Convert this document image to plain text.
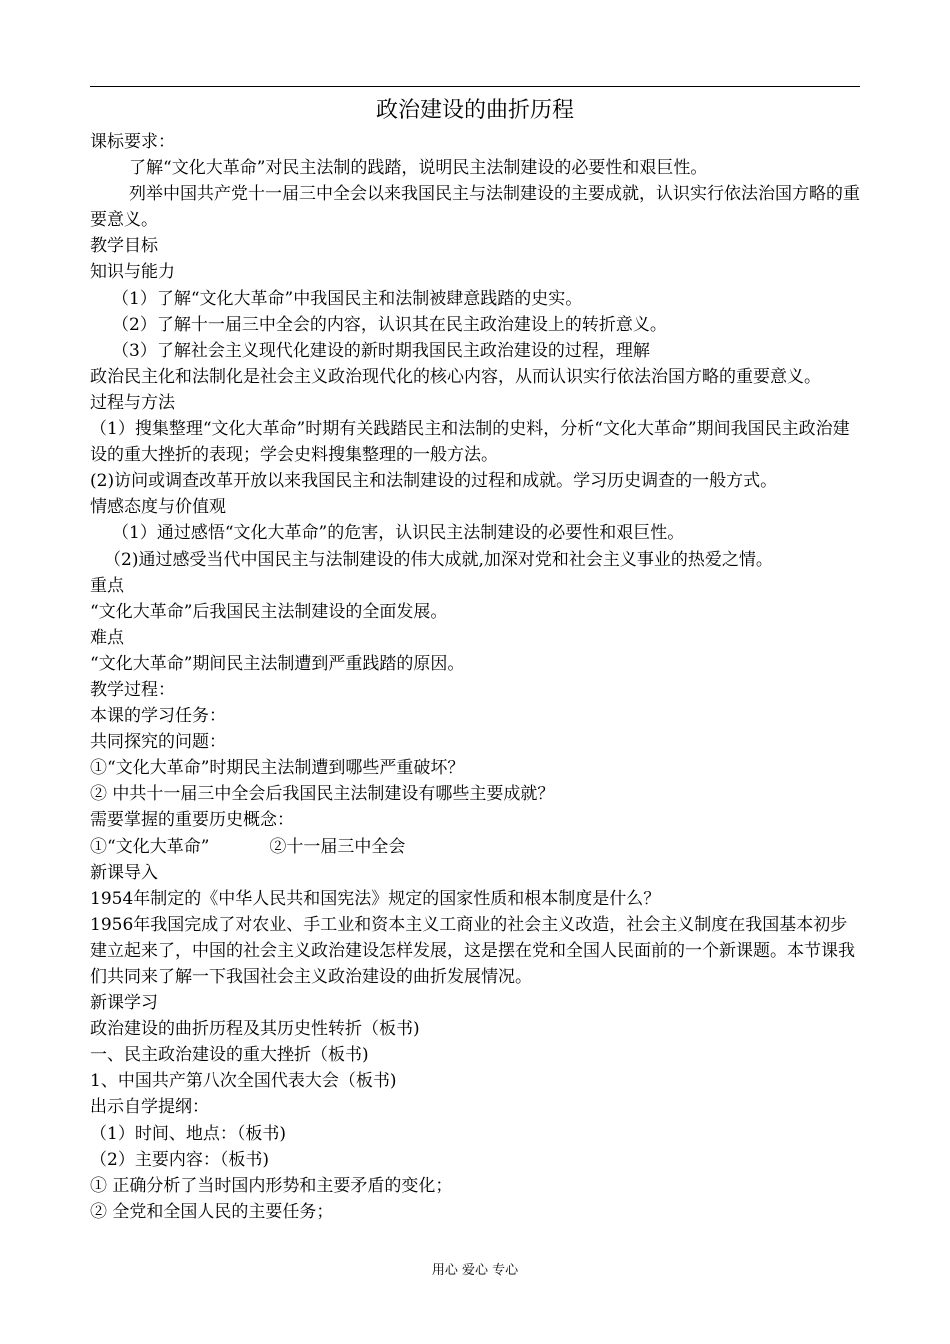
政治建设的曲折历程

课标要求：

了解“文化大革命”对民主法制的践踏，说明民主法制建设的必要性和艰巨性。

列举中国共产党十一届三中全会以来我国民主与法制建设的主要成就，认识实行依法治国方略的重要意义。

教学目标

知识与能力

（1）了解“文化大革命”中我国民主和法制被肆意践踏的史实。

（2）了解十一届三中全会的内容，认识其在民主政治建设上的转折意义。

（3）了解社会主义现代化建设的新时期我国民主政治建设的过程，理解

政治民主化和法制化是社会主义政治现代化的核心内容，从而认识实行依法治国方略的重要意义。

过程与方法

（1）搜集整理“文化大革命”时期有关践踏民主和法制的史料，分析“文化大革命”期间我国民主政治建设的重大挫折的表现；学会史料搜集整理的一般方法。

(2)访问或调查改革开放以来我国民主和法制建设的过程和成就。学习历史调查的一般方式。

情感态度与价值观

（1）通过感悟“文化大革命”的危害，认识民主法制建设的必要性和艰巨性。

（2)通过感受当代中国民主与法制建设的伟大成就,加深对党和社会主义事业的热爱之情。

重点

“文化大革命”后我国民主法制建设的全面发展。

难点

“文化大革命”期间民主法制遭到严重践踏的原因。

教学过程：

本课的学习任务：

共同探究的问题：

①“文化大革命”时期民主法制遭到哪些严重破坏？

② 中共十一届三中全会后我国民主法制建设有哪些主要成就？

需要掌握的重要历史概念：

①“文化大革命”	②十一届三中全会

新课导入

1954年制定的《中华人民共和国宪法》规定的国家性质和根本制度是什么？

1956年我国完成了对农业、手工业和资本主义工商业的社会主义改造，社会主义制度在我国基本初步建立起来了，中国的社会主义政治建设怎样发展，这是摆在党和全国人民面前的一个新课题。本节课我们共同来了解一下我国社会主义政治建设的曲折发展情况。

新课学习

政治建设的曲折历程及其历史性转折（板书)

一、民主政治建设的重大挫折（板书)

1、中国共产第八次全国代表大会（板书)

出示自学提纲：

（1）时间、地点：（板书)

（2）主要内容：（板书)

① 正确分析了当时国内形势和主要矛盾的变化；

② 全党和全国人民的主要任务；

用心 爱心 专心
